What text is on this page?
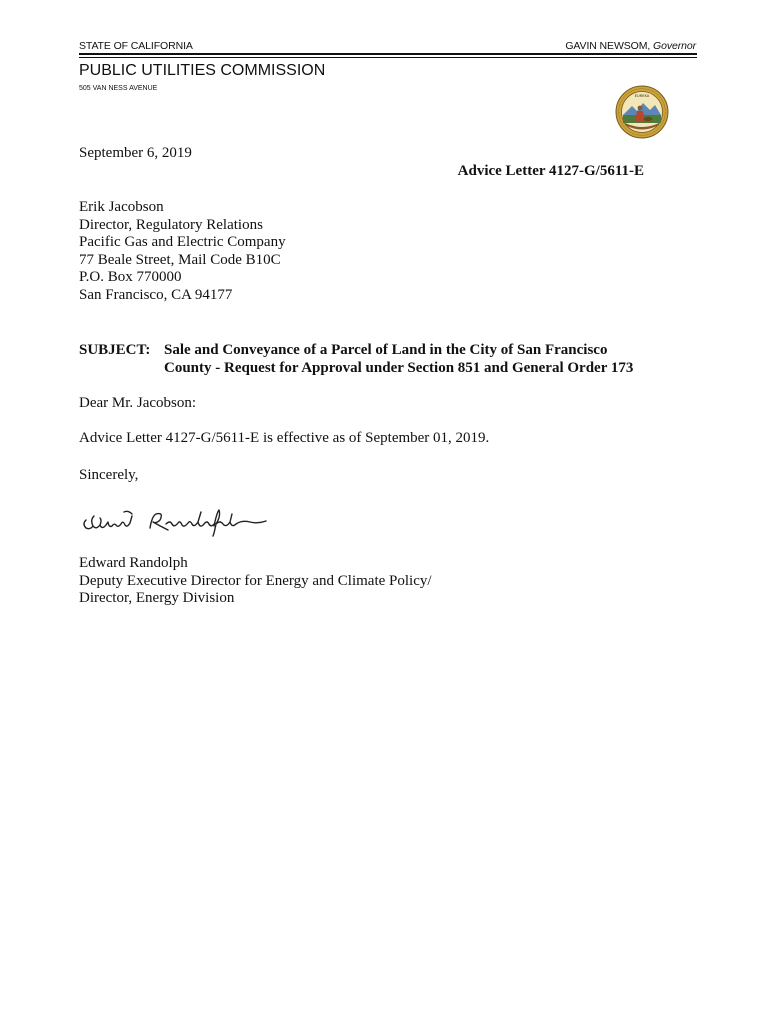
STATE OF CALIFORNIA	GAVIN NEWSOM, Governor
PUBLIC UTILITIES COMMISSION
505 VAN NESS AVENUE
EUREKA
September 6, 2019
Advice Letter 4127-G/5611-E
Erik Jacobson
Director, Regulatory Relations
Pacific Gas and Electric Company
77 Beale Street, Mail Code B10C
P.O. Box 770000
San Francisco, CA 94177
SUBJECT: Sale and Conveyance of a Parcel of Land in the City of San Francisco
County - Request for Approval under Section 851 and General Order 173
Dear Mr. Jacobson:
Advice Letter 4127-G/5611-E is effective as of September 01, 2019.
Sincerely,
Edward Randolph
Deputy Executive Director for Energy and Climate Policy/
Director, Energy Division
